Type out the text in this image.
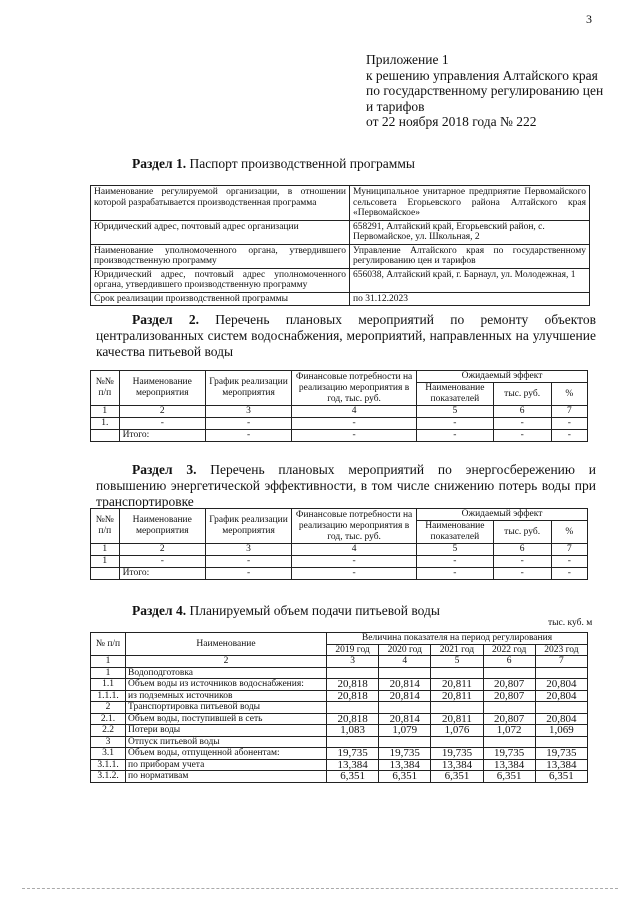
3
Приложение 1
к решению управления Алтайского края
по государственному регулированию цен
и тарифов
от 22 ноября 2018 года № 222
Раздел 1. Паспорт производственной программы
Наименование регулируемой организации, в отношении которой разрабатывается производственная программа	Муниципальное унитарное предприятие Первомайского сельсовета Егорьевского района Алтайского края «Первомайское»
Юридический адрес, почтовый адрес организации	658291, Алтайский край, Егорьевский район, с. Первомайское, ул. Школьная, 2
Наименование уполномоченного органа, утвердившего производственную программу	Управление Алтайского края по государственному регулированию цен и тарифов
Юридический адрес, почтовый адрес уполномоченного органа, утвердившего производственную программу	656038, Алтайский край, г. Барнаул, ул. Молодежная, 1
Срок реализации производственной программы	по 31.12.2023
Раздел 2. Перечень плановых мероприятий по ремонту объектов централизованных систем водоснабжения, мероприятий, направленных на улучшение качества питьевой воды
№№ п/п	Наименование мероприятия	График реализации мероприятия	Финансовые потребности на реализацию мероприятия в год, тыс. руб.	Ожидаемый эффект		
				Наименование показателей	тыс. руб.	%
1	2	3	4	5	6	7
1.	-	-	-	-	-	-
	Итого:	-	-	-	-	-
Раздел 3. Перечень плановых мероприятий по энергосбережению и повышению энергетической эффективности, в том числе снижению потерь воды при транспортировке
№№ п/п	Наименование мероприятия	График реализации мероприятия	Финансовые потребности на реализацию мероприятия в год, тыс. руб.	Ожидаемый эффект		
				Наименование показателей	тыс. руб.	%
1	2	3	4	5	6	7
1	-	-	-	-	-	-
	Итого:	-	-	-	-	-
Раздел 4. Планируемый объем подачи питьевой воды
тыс. куб. м
№ п/п	Наименование	Величина показателя на период регулирования				
		2019 год	2020 год	2021 год	2022 год	2023 год
1	2	3	4	5	6	7
1	Водоподготовка					
1.1	Объем воды из источников водоснабжения:	20,818	20,814	20,811	20,807	20,804
1.1.1.	из подземных источников	20,818	20,814	20,811	20,807	20,804
2	Транспортировка питьевой воды					
2.1.	Объем воды, поступившей в сеть	20,818	20,814	20,811	20,807	20,804
2.2	Потери воды	1,083	1,079	1,076	1,072	1,069
3	Отпуск питьевой воды					
3.1	Объем воды, отпущенной абонентам:	19,735	19,735	19,735	19,735	19,735
3.1.1.	по приборам учета	13,384	13,384	13,384	13,384	13,384
3.1.2.	по нормативам	6,351	6,351	6,351	6,351	6,351
